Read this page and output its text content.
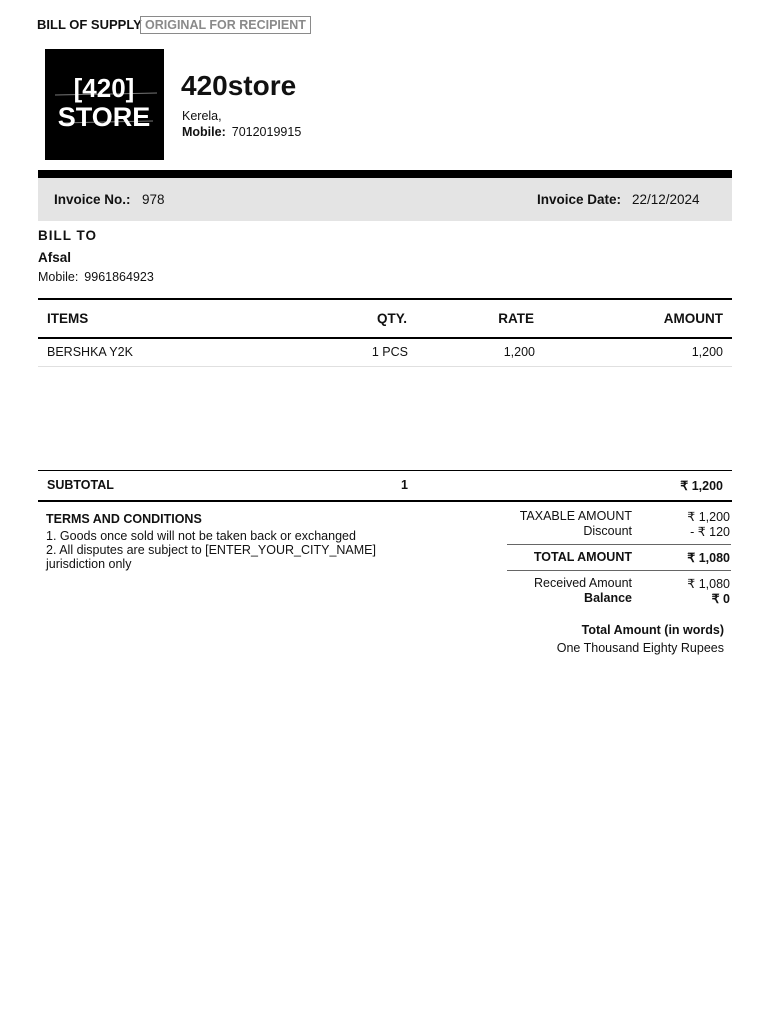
BILL OF SUPPLY ORIGINAL FOR RECIPIENT
[420]
STORE
420store
Kerela,
Mobile: 7012019915
Invoice No.: 978	Invoice Date: 22/12/2024
BILL TO
Afsal
Mobile: 9961864923
ITEMS	QTY.	RATE	AMOUNT
BERSHKA Y2K	1 PCS	1,200	1,200
SUBTOTAL	1	₹ 1,200
TERMS AND CONDITIONS
1. Goods once sold will not be taken back or exchanged
2. All disputes are subject to [ENTER_YOUR_CITY_NAME] jurisdiction only
TAXABLE AMOUNT	₹ 1,200
Discount	- ₹ 120
TOTAL AMOUNT	₹ 1,080
Received Amount	₹ 1,080
Balance	₹ 0
Total Amount (in words)
One Thousand Eighty Rupees
